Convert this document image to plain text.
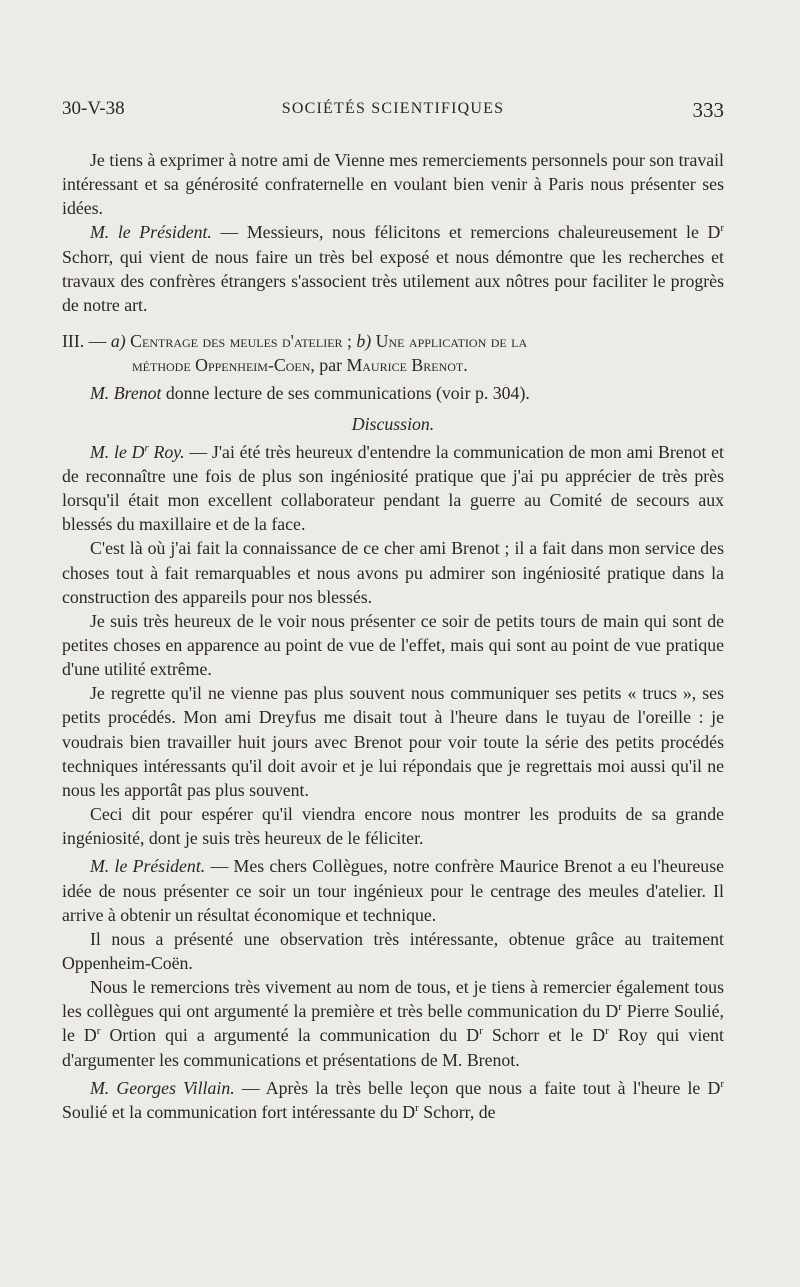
30-V-38	SOCIÉTÉS SCIENTIFIQUES	333

Je tiens à exprimer à notre ami de Vienne mes remerciements personnels pour son travail intéressant et sa générosité confraternelle en voulant bien venir à Paris nous présenter ses idées.

M. le Président. — Messieurs, nous félicitons et remercions chaleureusement le $D^r$ Schorr, qui vient de nous faire un très bel exposé et nous démontre que les recherches et travaux des confrères étrangers s'associent très utilement aux nôtres pour faciliter le progrès de notre art.

III. — a) Centrage des meules d'atelier ; b) Une application de la
méthode Oppenheim-Coen, par Maurice Brenot.

M. Brenot donne lecture de ses communications (voir p. 304).

Discussion.

M. le $D^r$ Roy. — J'ai été très heureux d'entendre la communication de mon ami Brenot et de reconnaître une fois de plus son ingéniosité pratique que j'ai pu apprécier de très près lorsqu'il était mon excellent collaborateur pendant la guerre au Comité de secours aux blessés du maxillaire et de la face.

C'est là où j'ai fait la connaissance de ce cher ami Brenot ; il a fait dans mon service des choses tout à fait remarquables et nous avons pu admirer son ingéniosité pratique dans la construction des appareils pour nos blessés.

Je suis très heureux de le voir nous présenter ce soir de petits tours de main qui sont de petites choses en apparence au point de vue de l'effet, mais qui sont au point de vue pratique d'une utilité extrême.

Je regrette qu'il ne vienne pas plus souvent nous communiquer ses petits « trucs », ses petits procédés. Mon ami Dreyfus me disait tout à l'heure dans le tuyau de l'oreille : je voudrais bien travailler huit jours avec Brenot pour voir toute la série des petits procédés techniques intéressants qu'il doit avoir et je lui répondais que je regrettais moi aussi qu'il ne nous les apportât pas plus souvent.

Ceci dit pour espérer qu'il viendra encore nous montrer les produits de sa grande ingéniosité, dont je suis très heureux de le féliciter.

M. le Président. — Mes chers Collègues, notre confrère Maurice Brenot a eu l'heureuse idée de nous présenter ce soir un tour ingénieux pour le centrage des meules d'atelier. Il arrive à obtenir un résultat économique et technique.

Il nous a présenté une observation très intéressante, obtenue grâce au traitement Oppenheim-Coën.

Nous le remercions très vivement au nom de tous, et je tiens à remercier également tous les collègues qui ont argumenté la première et très belle communication du $D^r$ Pierre Soulié, le $D^r$ Ortion qui a argumenté la communication du $D^r$ Schorr et le $D^r$ Roy qui vient d'argumenter les communications et présentations de M. Brenot.

M. Georges Villain. — Après la très belle leçon que nous a faite tout à l'heure le $D^r$ Soulié et la communication fort intéressante du $D^r$ Schorr, de
